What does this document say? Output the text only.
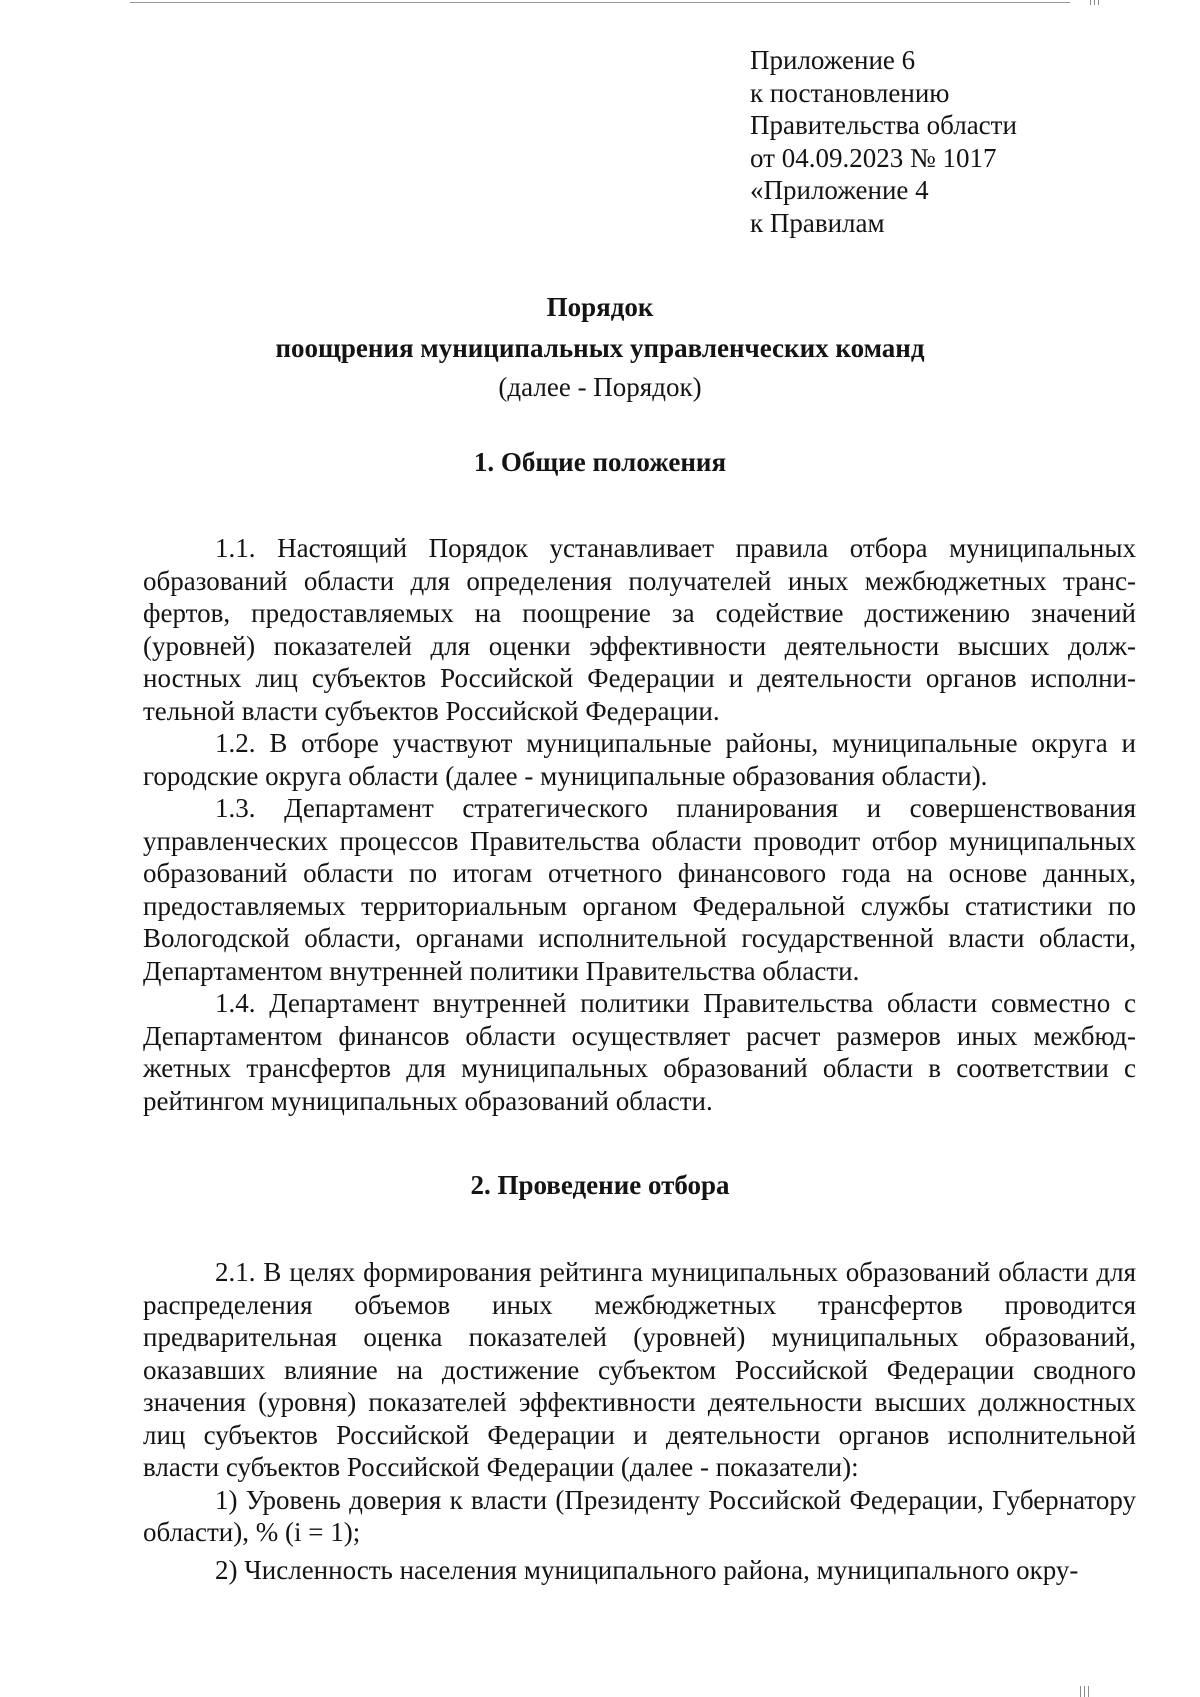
Приложение 6
к постановлению
Правительства области
от 04.09.2023 № 1017
«Приложение 4
к Правилам
Порядок
поощрения муниципальных управленческих команд
(далее - Порядок)
1. Общие положения

1.1. Настоящий Порядок устанавливает правила отбора муниципальных образований области для определения получателей иных межбюджетных трансфертов, предоставляемых на поощрение за содействие достижению значений (уровней) показателей для оценки эффективности деятельности высших должностных лиц субъектов Российской Федерации и деятельности органов исполнительной власти субъектов Российской Федерации.

1.2. В отборе участвуют муниципальные районы, муниципальные округа и городские округа области (далее - муниципальные образования области).

1.3. Департамент стратегического планирования и совершенствования управленческих процессов Правительства области проводит отбор муниципальных образований области по итогам отчетного финансового года на основе данных, предоставляемых территориальным органом Федеральной службы статистики по Вологодской области, органами исполнительной государственной власти области, Департаментом внутренней политики Правительства области.

1.4. Департамент внутренней политики Правительства области совместно с Департаментом финансов области осуществляет расчет размеров иных межбюджетных трансфертов для муниципальных образований области в соответствии с рейтингом муниципальных образований области.

2. Проведение отбора

2.1. В целях формирования рейтинга муниципальных образований области для распределения объемов иных межбюджетных трансфертов проводится предварительная оценка показателей (уровней) муниципальных образований, оказавших влияние на достижение субъектом Российской Федерации сводного значения (уровня) показателей эффективности деятельности высших должностных лиц субъектов Российской Федерации и деятельности органов исполнительной власти субъектов Российской Федерации (далее - показатели):

1) Уровень доверия к власти (Президенту Российской Федерации, Губернатору области), % (i = 1);

2) Численность населения муниципального района, муниципального окру-
